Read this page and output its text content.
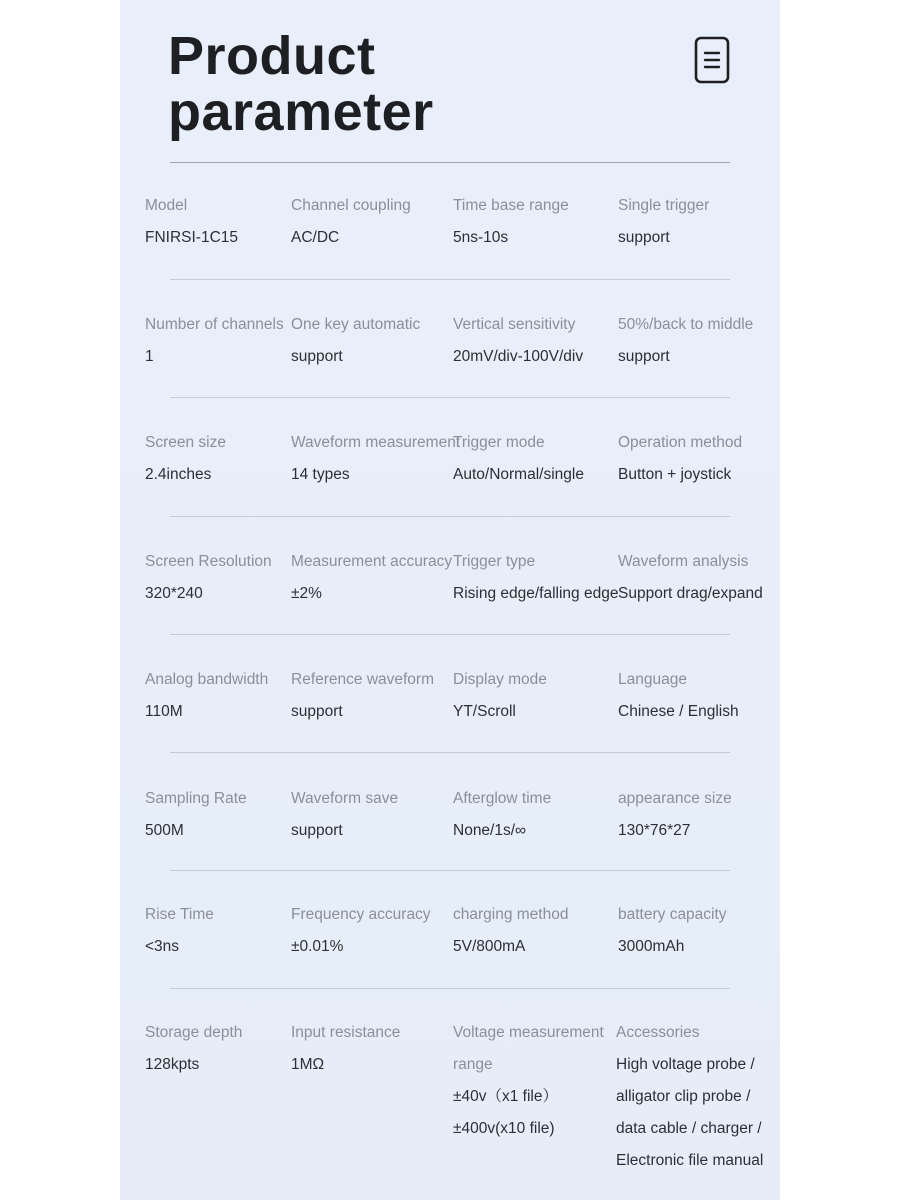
Product
parameter
Model
FNIRSI-1C15
Channel coupling
AC/DC
Time base range
5ns-10s
Single trigger
support
Number of channels
1
One key automatic
support
Vertical sensitivity
20mV/div-100V/div
50%/back to middle
support
Screen size
2.4inches
Waveform measurement
14 types
Trigger mode
Auto/Normal/single
Operation method
Button + joystick
Screen Resolution
320*240
Measurement accuracy
±2%
Trigger type
Rising edge/falling edge
Waveform analysis
Support drag/expand
Analog bandwidth
110M
Reference waveform
support
Display mode
YT/Scroll
Language
Chinese / English
Sampling Rate
500M
Waveform save
support
Afterglow time
None/1s/∞
appearance size
130*76*27
Rise Time
<3ns
Frequency accuracy
±0.01%
charging method
5V/800mA
battery capacity
3000mAh
Storage depth
128kpts
Input resistance
1MΩ
Voltage measurement
range
±40v（x1 file）
±400v(x10 file)
Accessories
High voltage probe /
alligator clip probe /
data cable / charger /
Electronic file manual
